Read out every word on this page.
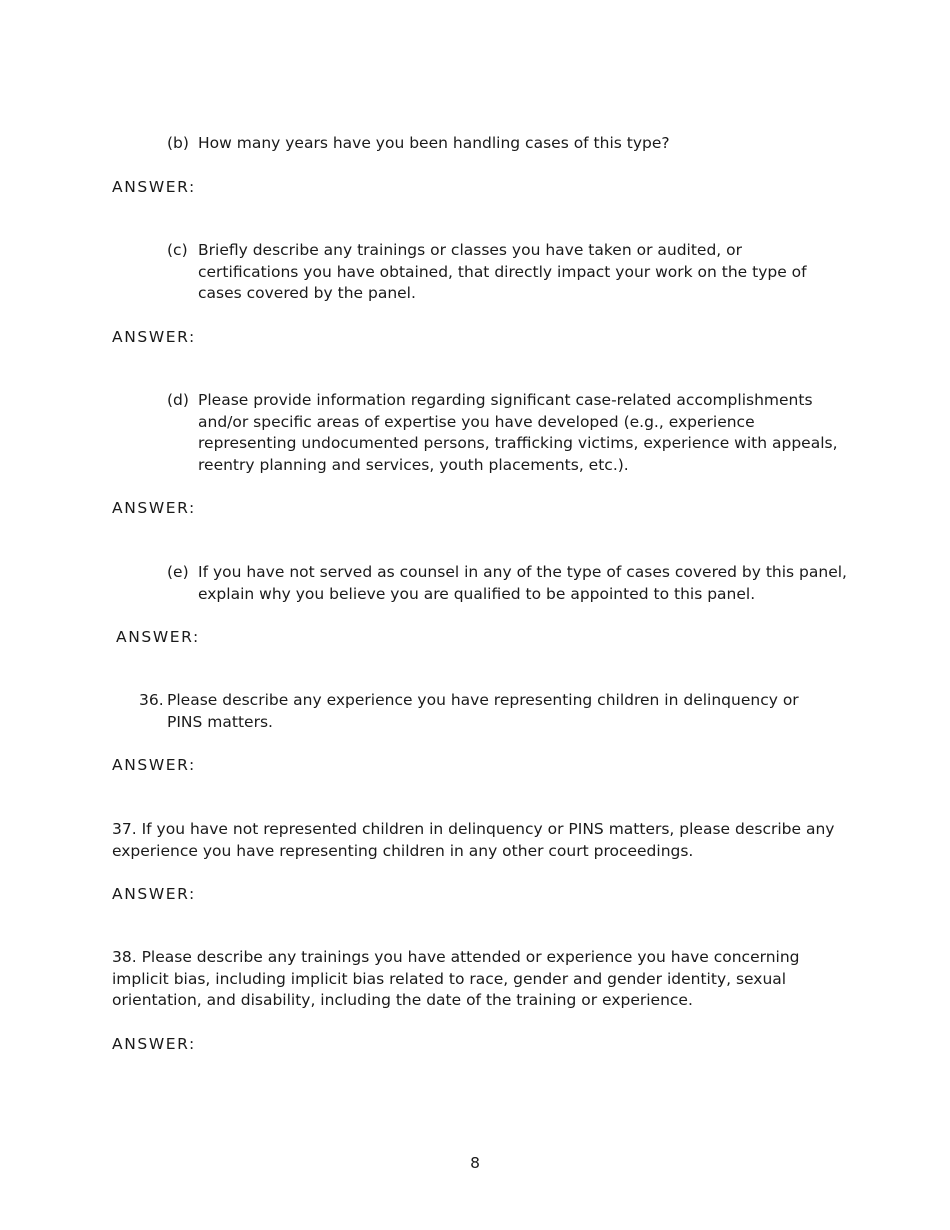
(b) How many years have you been handling cases of this type?
ANSWER:
(c) Briefly describe any trainings or classes you have taken or audited, or certifications you have obtained, that directly impact your work on the type of cases covered by the panel.
ANSWER:
(d) Please provide information regarding significant case-related accomplishments and/or specific areas of expertise you have developed (e.g., experience representing undocumented persons, trafficking victims, experience with appeals, reentry planning and services, youth placements, etc.).
ANSWER:
(e) If you have not served as counsel in any of the type of cases covered by this panel, explain why you believe you are qualified to be appointed to this panel.
ANSWER:
36. Please describe any experience you have representing children in delinquency or PINS matters.
ANSWER:
37. If you have not represented children in delinquency or PINS matters, please describe any experience you have representing children in any other court proceedings.
ANSWER:
38. Please describe any trainings you have attended or experience you have concerning implicit bias, including implicit bias related to race, gender and gender identity, sexual orientation, and disability, including the date of the training or experience.
ANSWER:
8
